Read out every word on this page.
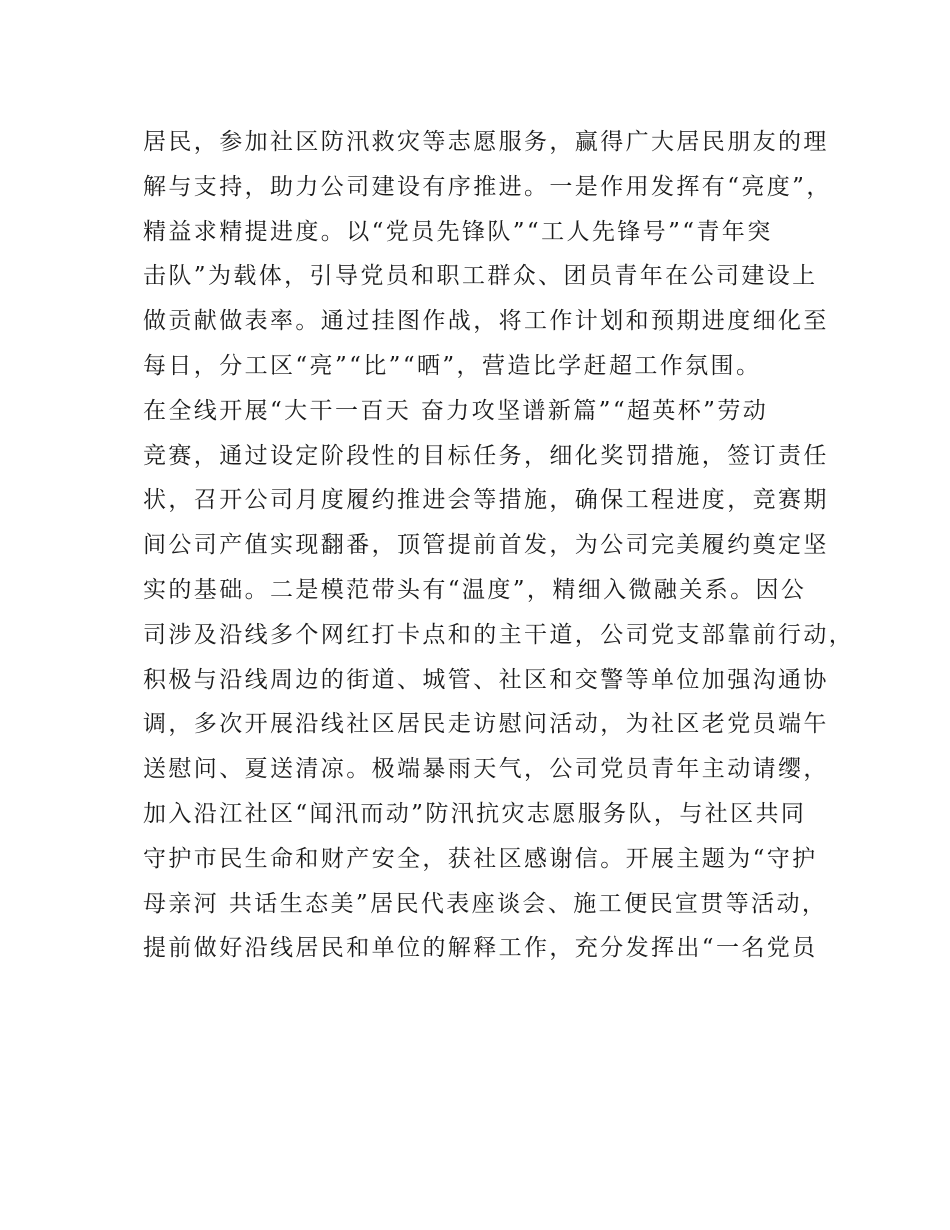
居民，参加社区防汛救灾等志愿服务，赢得广大居民朋友的理
解与支持，助力公司建设有序推进。一是作用发挥有“亮度”，
精益求精提进度。以“党员先锋队”“工人先锋号”“青年突
击队”为载体，引导党员和职工群众、团员青年在公司建设上
做贡献做表率。通过挂图作战，将工作计划和预期进度细化至
每日，分工区“亮”“比”“晒”，营造比学赶超工作氛围。
在全线开展“大干一百天 奋力攻坚谱新篇”“超英杯”劳动
竞赛，通过设定阶段性的目标任务，细化奖罚措施，签订责任
状，召开公司月度履约推进会等措施，确保工程进度，竞赛期
间公司产值实现翻番，顶管提前首发，为公司完美履约奠定坚
实的基础。二是模范带头有“温度”，精细入微融关系。因公
司涉及沿线多个网红打卡点和的主干道，公司党支部靠前行动，
积极与沿线周边的街道、城管、社区和交警等单位加强沟通协
调，多次开展沿线社区居民走访慰问活动，为社区老党员端午
送慰问、夏送清凉。极端暴雨天气，公司党员青年主动请缨，
加入沿江社区“闻汛而动”防汛抗灾志愿服务队，与社区共同
守护市民生命和财产安全，获社区感谢信。开展主题为“守护
母亲河 共话生态美”居民代表座谈会、施工便民宣贯等活动，
提前做好沿线居民和单位的解释工作，充分发挥出“一名党员
